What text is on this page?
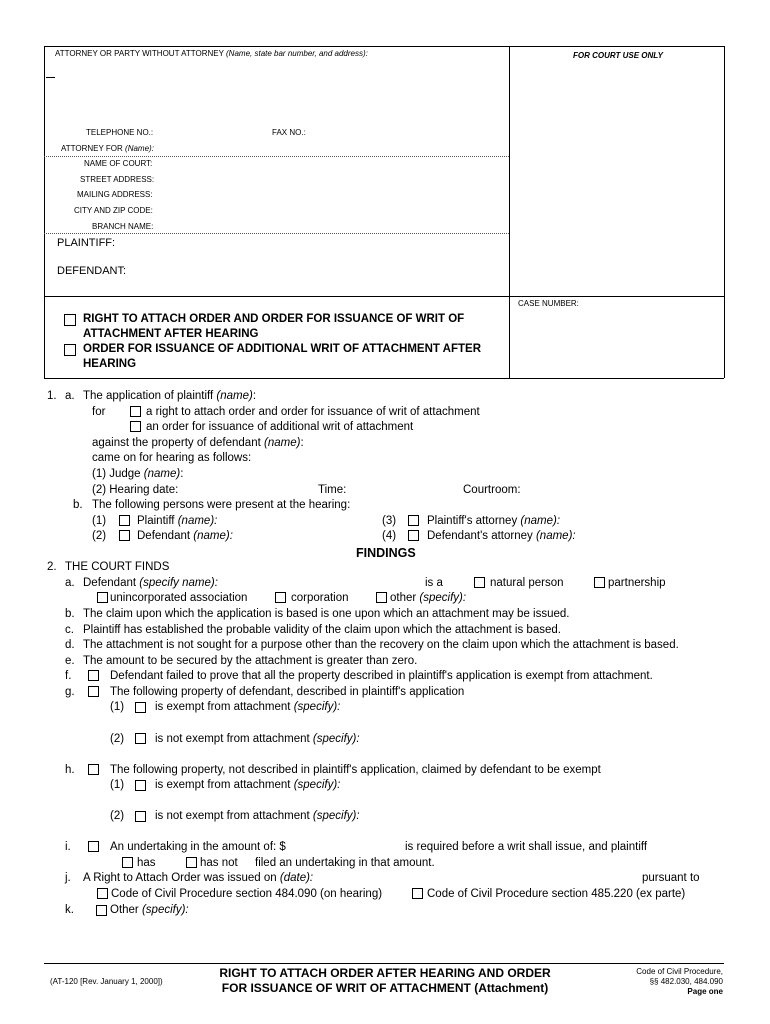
ATTORNEY OR PARTY WITHOUT ATTORNEY (Name, state bar number, and address):	FOR COURT USE ONLY
TELEPHONE NO.:	FAX NO.:
ATTORNEY FOR (Name):
NAME OF COURT:
STREET ADDRESS:
MAILING ADDRESS:
CITY AND ZIP CODE:
BRANCH NAME:
PLAINTIFF:
DEFENDANT:
CASE NUMBER:
RIGHT TO ATTACH ORDER AND ORDER FOR ISSUANCE OF WRIT OF
ATTACHMENT AFTER HEARING
ORDER FOR ISSUANCE OF ADDITIONAL WRIT OF ATTACHMENT AFTER
HEARING
1. a. The application of plaintiff (name):
for	a right to attach order and order for issuance of writ of attachment
an order for issuance of additional writ of attachment
against the property of defendant (name):
came on for hearing as follows:
(1) Judge (name):
(2) Hearing date:	Time:	Courtroom:
b. The following persons were present at the hearing:
(1)	Plaintiff (name):	(3)	Plaintiff's attorney (name):
(2)	Defendant (name):	(4)	Defendant's attorney (name):
FINDINGS
2. THE COURT FINDS
a. Defendant (specify name):	is a	natural person	partnership
unincorporated association	corporation	other (specify):
b. The claim upon which the application is based is one upon which an attachment may be issued.
c. Plaintiff has established the probable validity of the claim upon which the attachment is based.
d. The attachment is not sought for a purpose other than the recovery on the claim upon which the attachment is based.
e. The amount to be secured by the attachment is greater than zero.
f.	Defendant failed to prove that all the property described in plaintiff's application is exempt from attachment.
g.	The following property of defendant, described in plaintiff's application
(1)	is exempt from attachment (specify):
(2)	is not exempt from attachment (specify):
h.	The following property, not described in plaintiff's application, claimed by defendant to be exempt
(1)	is exempt from attachment (specify):
(2)	is not exempt from attachment (specify):
i.	An undertaking in the amount of: $	is required before a writ shall issue, and plaintiff
has	has not filed an undertaking in that amount.
j. A Right to Attach Order was issued on (date):	pursuant to
Code of Civil Procedure section 484.090 (on hearing)	Code of Civil Procedure section 485.220 (ex parte)
k.	Other (specify):
(AT-120 [Rev. January 1, 2000])
RIGHT TO ATTACH ORDER AFTER HEARING AND ORDER
FOR ISSUANCE OF WRIT OF ATTACHMENT (Attachment)
Code of Civil Procedure,
§§ 482.030, 484.090
Page one
